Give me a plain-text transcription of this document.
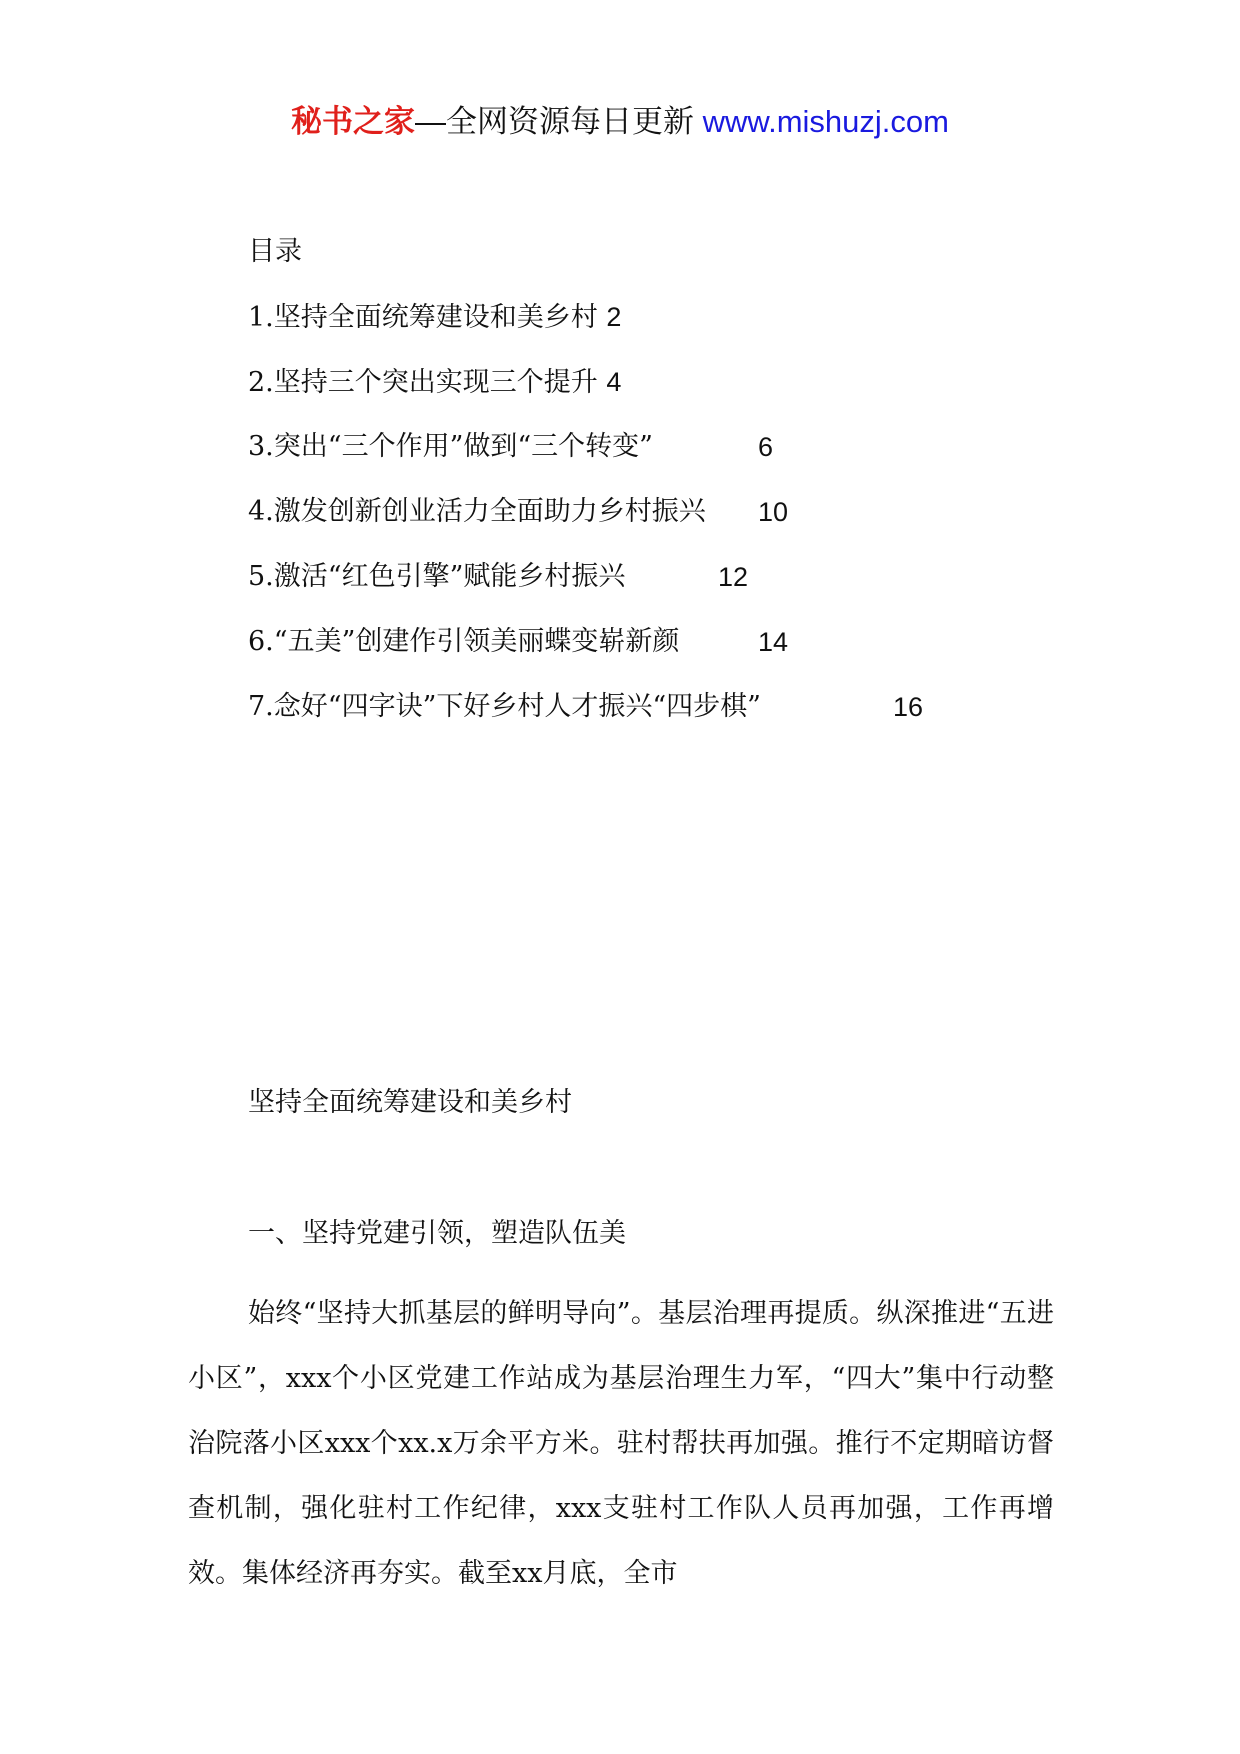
秘书之家—全网资源每日更新 www.mishuzj.com
目录
1.坚持全面统筹建设和美乡村 2
2.坚持三个突出实现三个提升 4
3.突出“三个作用”做到“三个转变”	6
4.激发创新创业活力全面助力乡村振兴 10
5.激活“红色引擎”赋能乡村振兴	12
6.“五美”创建作引领美丽蝶变崭新颜	14
7.念好“四字诀”下好乡村人才振兴“四步棋”	16
坚持全面统筹建设和美乡村
一、坚持党建引领，塑造队伍美

始终“坚持大抓基层的鲜明导向”。基层治理再提质。纵深推进“五进小区”，xxx个小区党建工作站成为基层治理生力军，“四大”集中行动整治院落小区xxx个xx.x万余平方米。驻村帮扶再加强。推行不定期暗访督查机制，强化驻村工作纪律，xxx支驻村工作队人员再加强，工作再增效。集体经济再夯实。截至xx月底，全市
